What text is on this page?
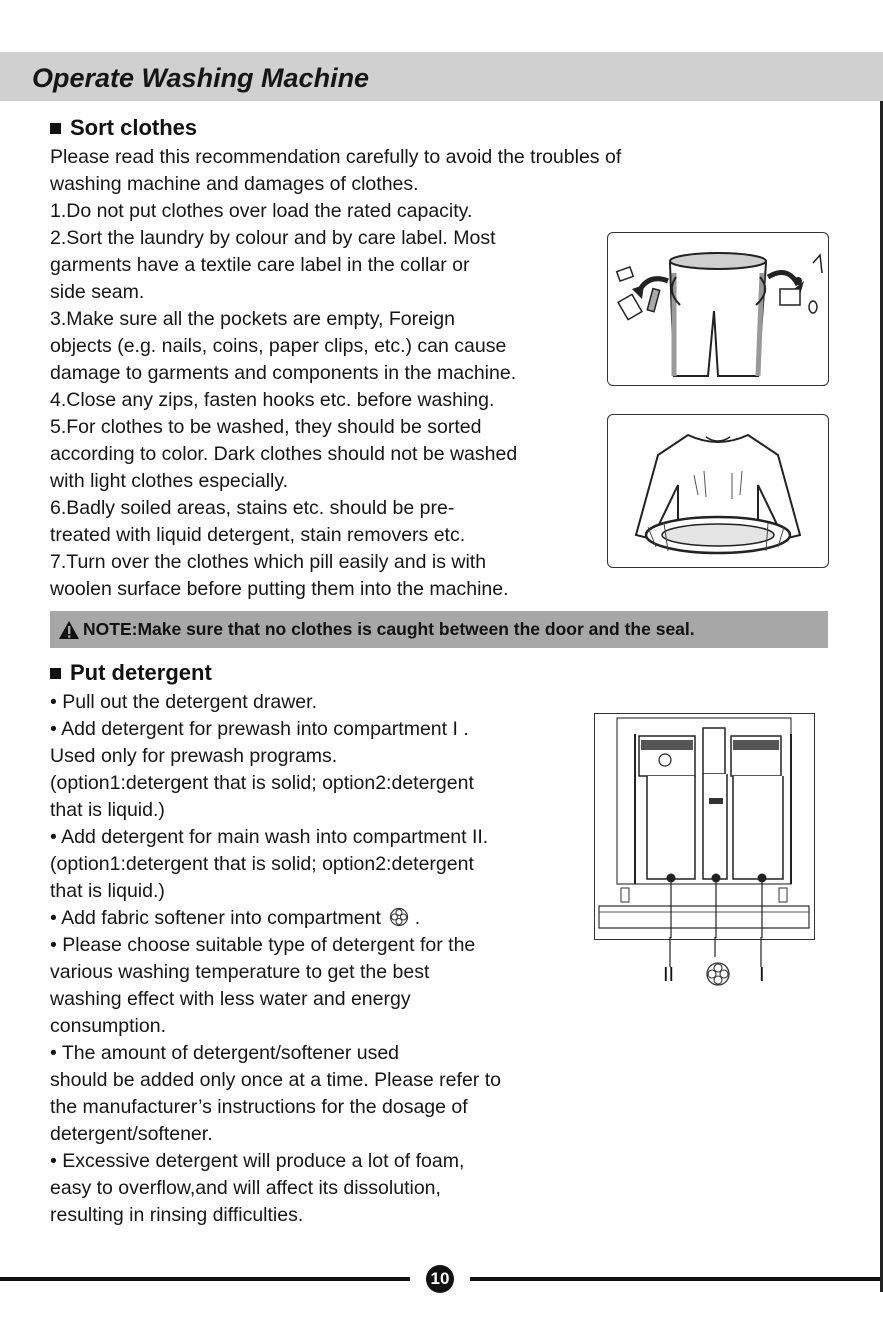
Operate Washing Machine
Sort clothes
Please read this recommendation carefully to avoid the troubles of
washing machine and damages of clothes.
1.Do not put clothes over load the rated capacity.
2.Sort the laundry by colour and by care label. Most
garments have a textile care label in the collar or
side seam.
3.Make sure all the pockets are empty, Foreign
objects (e.g. nails, coins, paper clips, etc.) can cause
damage to garments and components in the machine.
4.Close any zips, fasten hooks etc. before washing.
5.For clothes to be washed, they should be sorted
according to color. Dark clothes should not be washed
with light clothes especially.
6.Badly soiled areas, stains etc. should be pre-
treated with liquid detergent, stain removers etc.
7.Turn over the clothes which pill easily and is with
woolen surface before putting them into the machine.
NOTE:Make sure that no clothes is caught between the door and the seal.
Put detergent
• Pull out the detergent drawer.
• Add detergent for prewash into compartment I .
Used only for prewash programs.
(option1:detergent that is solid; option2:detergent
that is liquid.)
• Add detergent for main wash into compartment II.
(option1:detergent that is solid; option2:detergent
that is liquid.)
• Add fabric softener into compartment .
• Please choose suitable type of detergent for the
various washing temperature to get the best
washing effect with less water and energy
consumption.
• The amount of detergent/softener used
should be added only once at a time. Please refer to
the manufacturer’s instructions for the dosage of
detergent/softener.
• Excessive detergent will produce a lot of foam,
easy to overflow,and will affect its dissolution,
resulting in rinsing difficulties.
II	I
10
